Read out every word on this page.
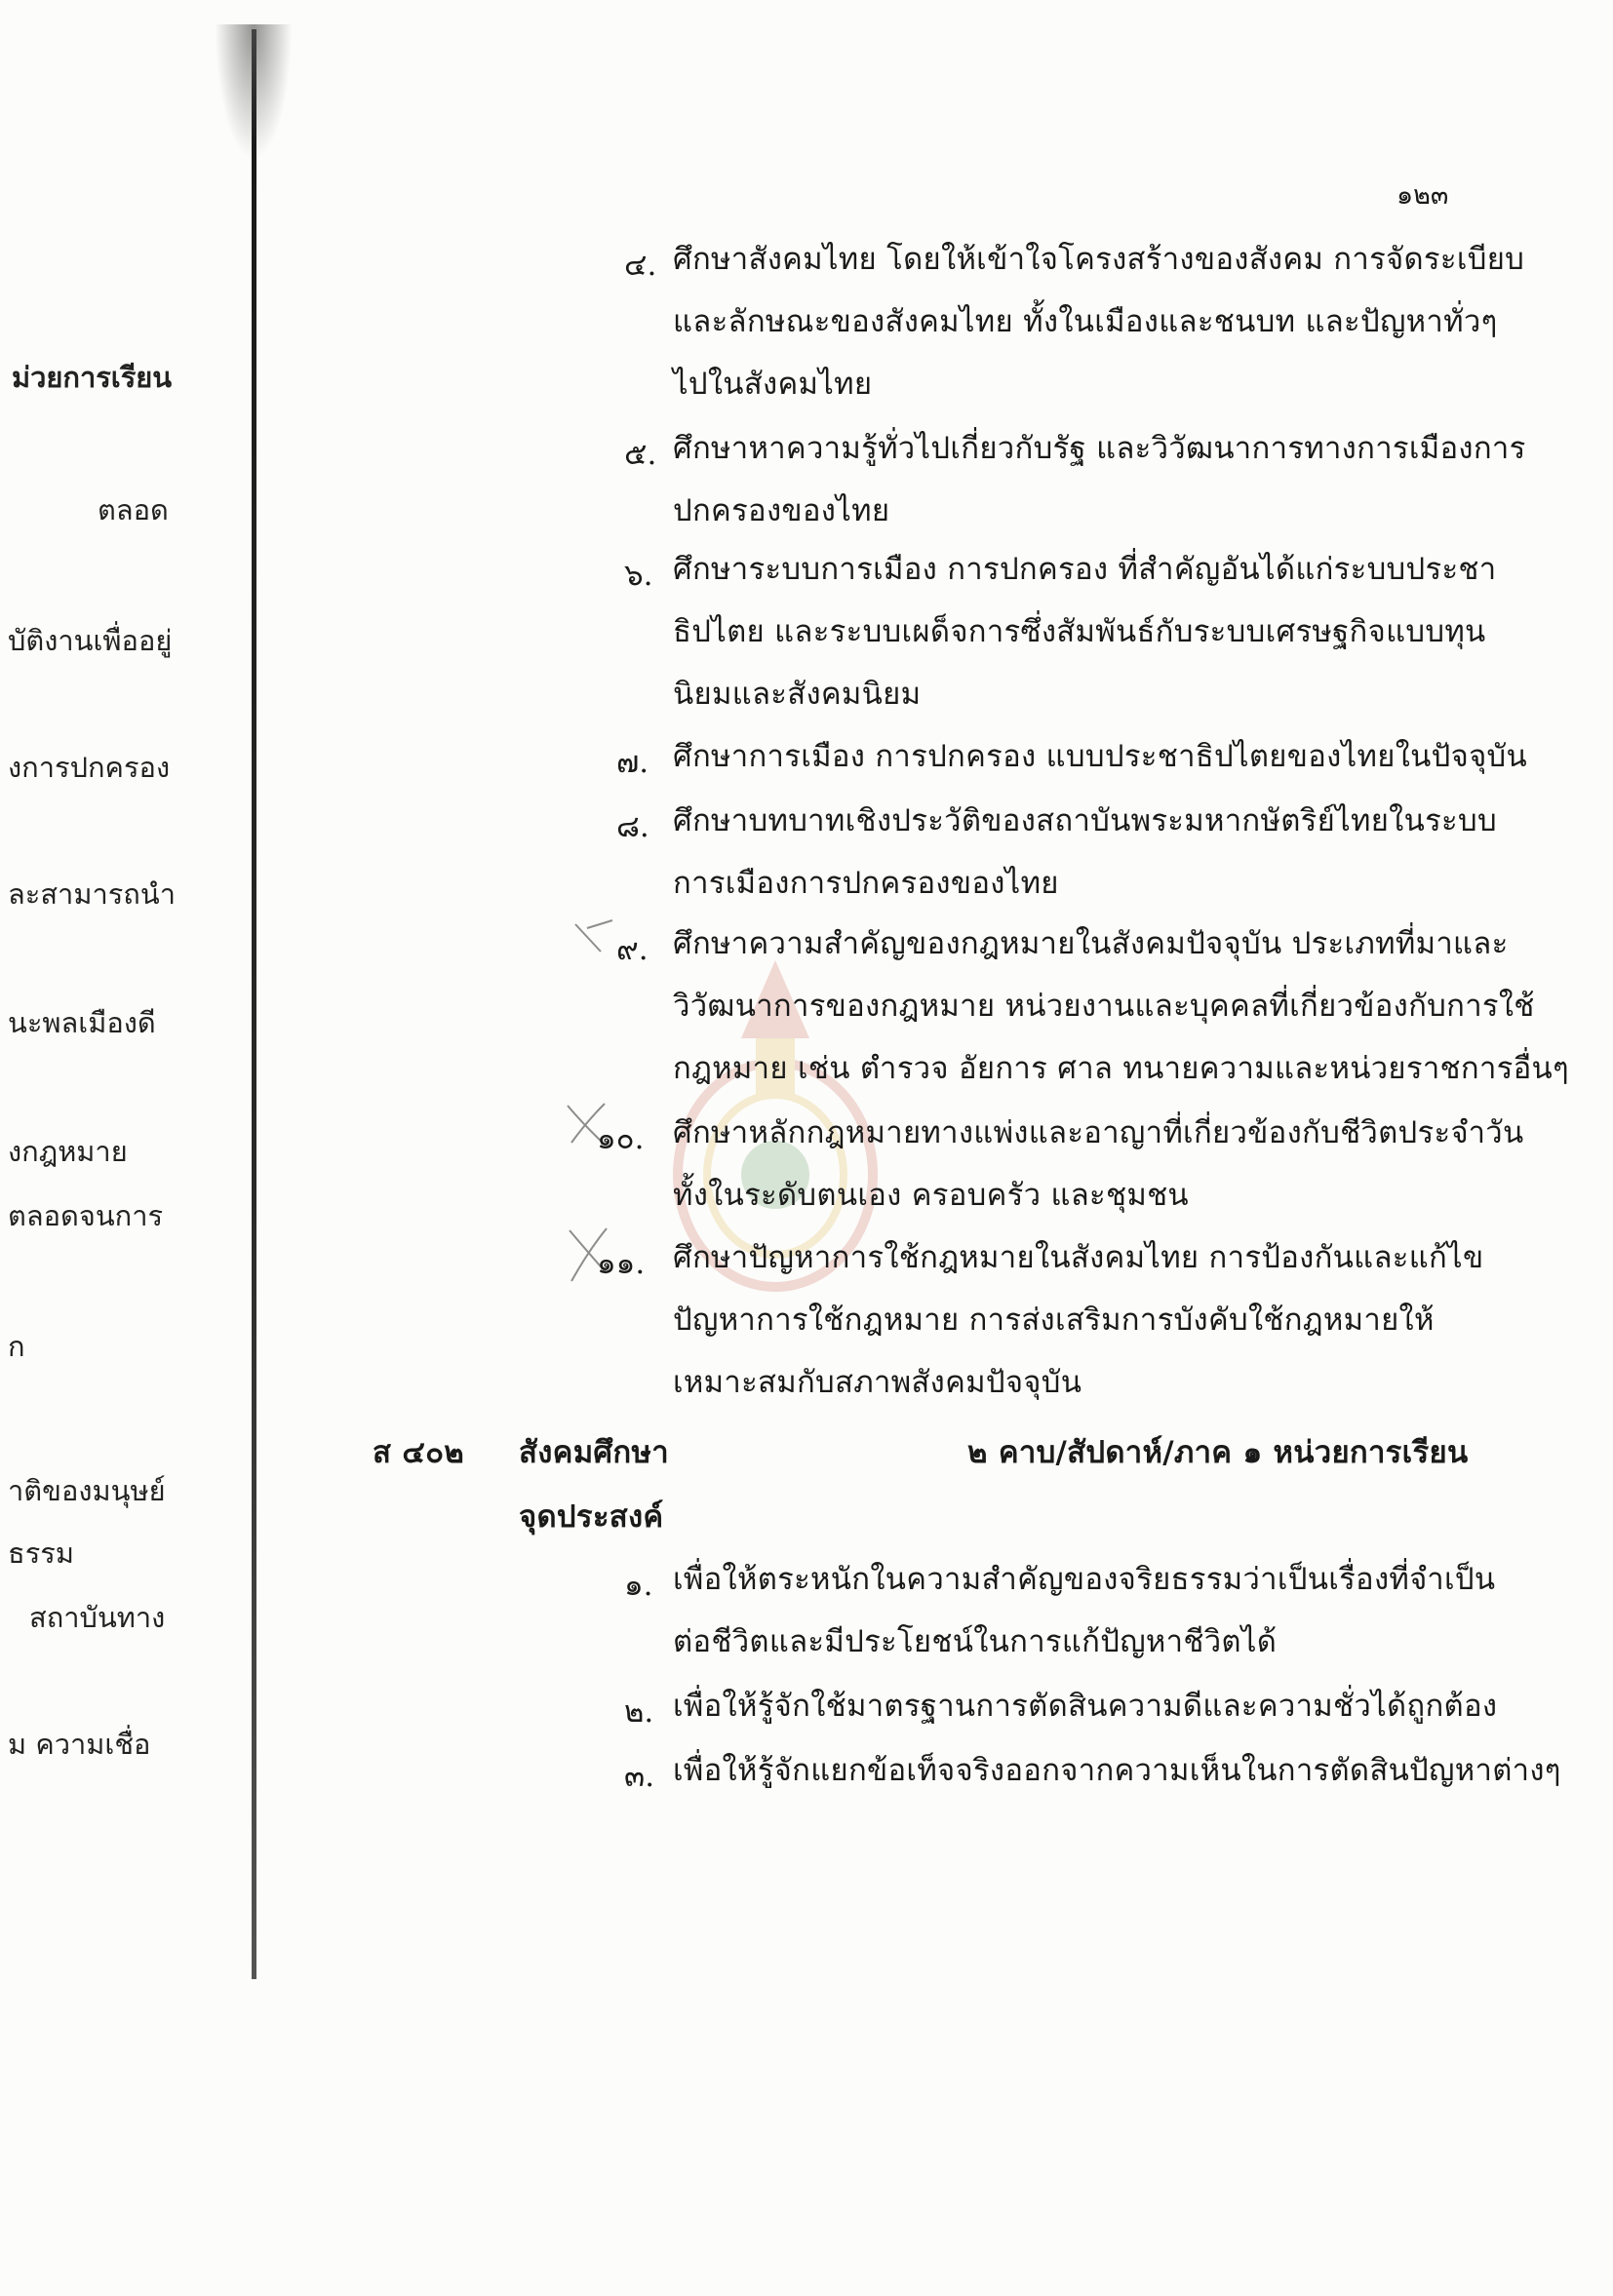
ม่วยการเรียน
ตลอด
บัติงานเพื่ออยู่
งการปกครอง
ละสามารถนำ
นะพลเมืองดี
งกฎหมาย
ตลอดจนการ
ก
าติของมนุษย์
ธรรม
สถาบันทาง
ม ความเชื่อ
๑๒๓
๔. ศึกษาสังคมไทย โดยให้เข้าใจโครงสร้างของสังคม การจัดระเบียบ
และลักษณะของสังคมไทย ทั้งในเมืองและชนบท และปัญหาทั่วๆ
ไปในสังคมไทย
๕. ศึกษาหาความรู้ทั่วไปเกี่ยวกับรัฐ และวิวัฒนาการทางการเมืองการ
ปกครองของไทย
๖. ศึกษาระบบการเมือง การปกครอง ที่สำคัญอันได้แก่ระบบประชา
ธิปไตย และระบบเผด็จการซึ่งสัมพันธ์กับระบบเศรษฐกิจแบบทุน
นิยมและสังคมนิยม
๗. ศึกษาการเมือง การปกครอง แบบประชาธิปไตยของไทยในปัจจุบัน
๘. ศึกษาบทบาทเชิงประวัติของสถาบันพระมหากษัตริย์ไทยในระบบ
การเมืองการปกครองของไทย
๙. ศึกษาความสำคัญของกฎหมายในสังคมปัจจุบัน ประเภทที่มาและ
วิวัฒนาการของกฎหมาย หน่วยงานและบุคคลที่เกี่ยวข้องกับการใช้
กฎหมาย เช่น ตำรวจ อัยการ ศาล ทนายความและหน่วยราชการอื่นๆ
๑๐. ศึกษาหลักกฎหมายทางแพ่งและอาญาที่เกี่ยวข้องกับชีวิตประจำวัน
ทั้งในระดับตนเอง ครอบครัว และชุมชน
๑๑. ศึกษาปัญหาการใช้กฎหมายในสังคมไทย การป้องกันและแก้ไข
ปัญหาการใช้กฎหมาย การส่งเสริมการบังคับใช้กฎหมายให้
เหมาะสมกับสภาพสังคมปัจจุบัน
ส ๔๐๒ สังคมศึกษา	๒ คาบ/สัปดาห์/ภาค ๑ หน่วยการเรียน
จุดประสงค์
๑. เพื่อให้ตระหนักในความสำคัญของจริยธรรมว่าเป็นเรื่องที่จำเป็น
ต่อชีวิตและมีประโยชน์ในการแก้ปัญหาชีวิตได้
๒. เพื่อให้รู้จักใช้มาตรฐานการตัดสินความดีและความชั่วได้ถูกต้อง
๓. เพื่อให้รู้จักแยกข้อเท็จจริงออกจากความเห็นในการตัดสินปัญหาต่างๆ
